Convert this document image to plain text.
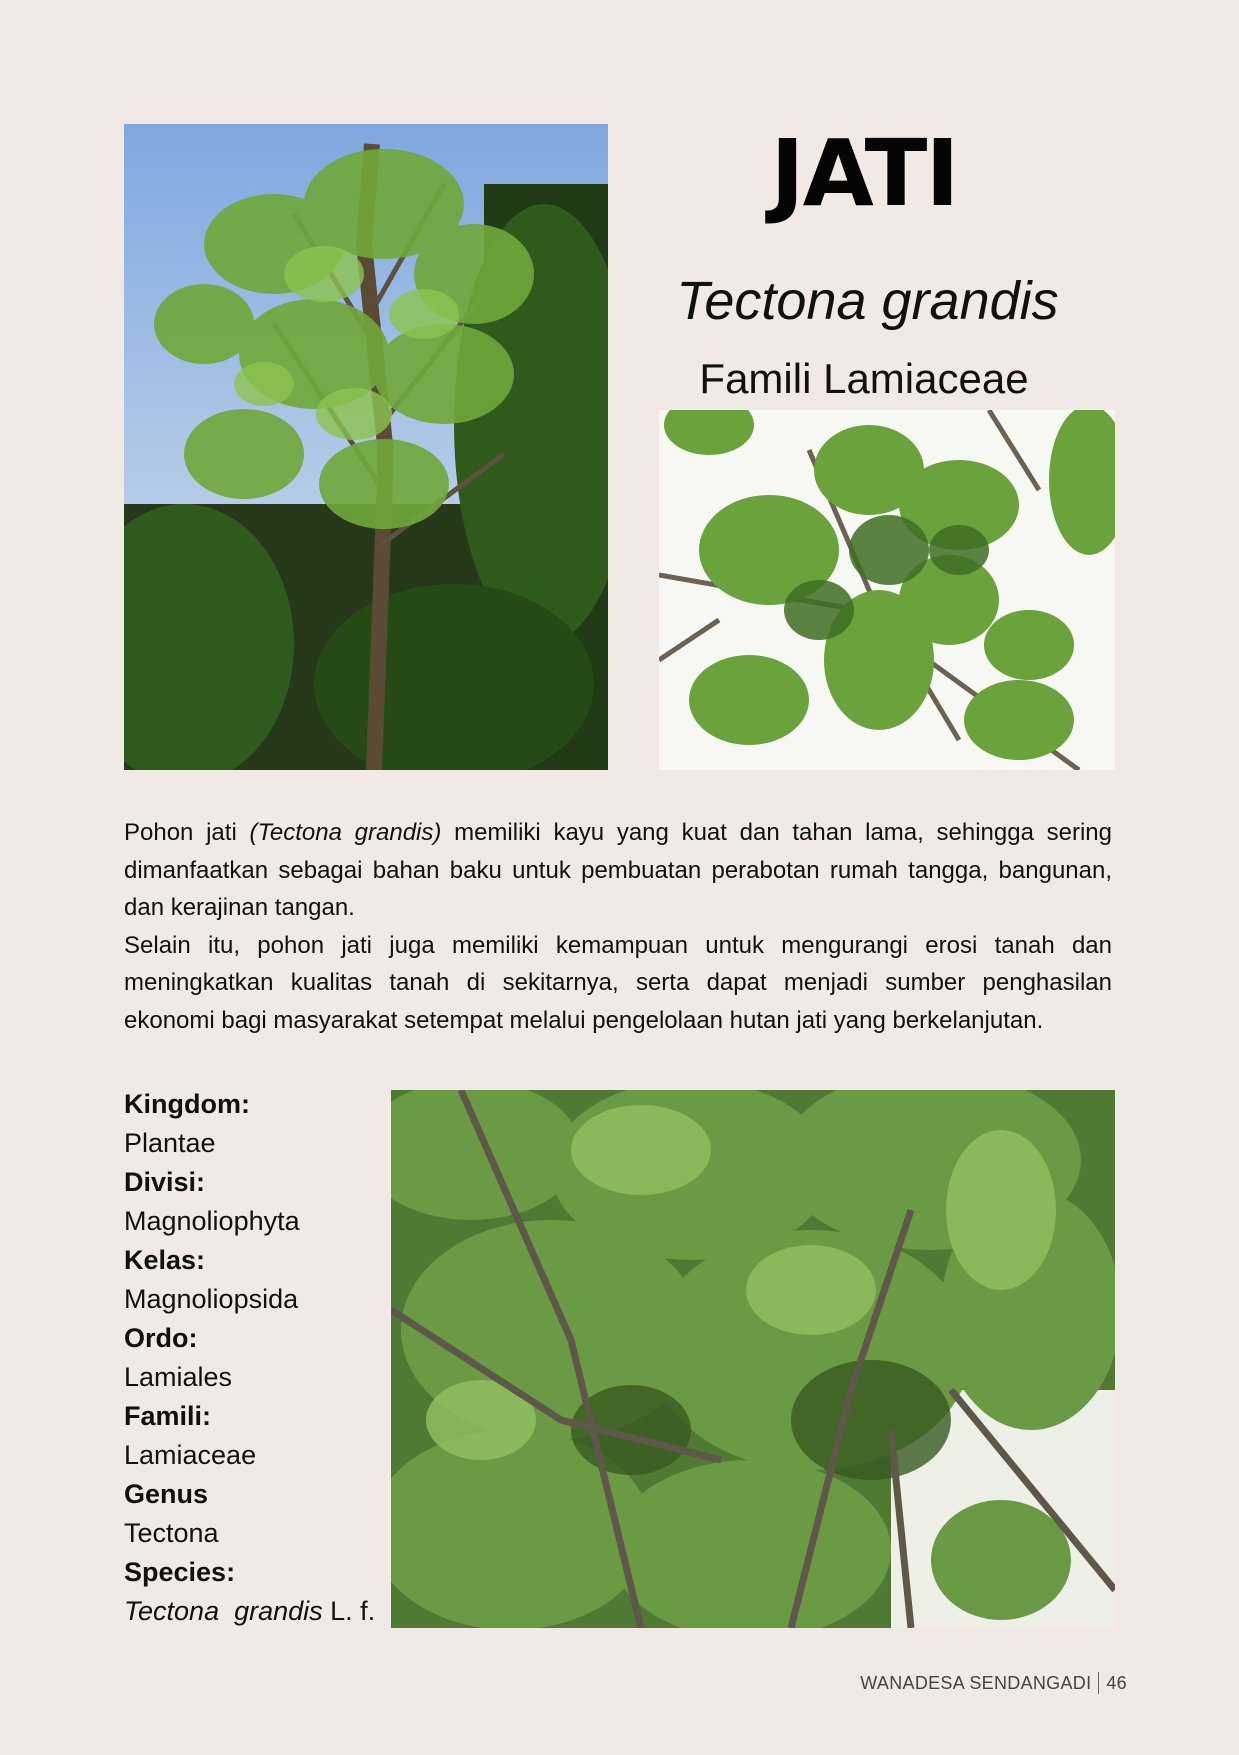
JATI
Tectona grandis
Famili Lamiaceae

Pohon jati (Tectona grandis) memiliki kayu yang kuat dan tahan lama, sehingga sering dimanfaatkan sebagai bahan baku untuk pembuatan perabotan rumah tangga, bangunan, dan kerajinan tangan.

Selain itu, pohon jati juga memiliki kemampuan untuk mengurangi erosi tanah dan meningkatkan kualitas tanah di sekitarnya, serta dapat menjadi sumber penghasilan ekonomi bagi masyarakat setempat melalui pengelolaan hutan jati yang berkelanjutan.

Kingdom:
Plantae
Divisi:
Magnoliophyta
Kelas:
Magnoliopsida
Ordo:
Lamiales
Famili:
Lamiaceae
Genus
Tectona
Species:
Tectona  grandis L. f.
WANADESA SENDANGADI 46
